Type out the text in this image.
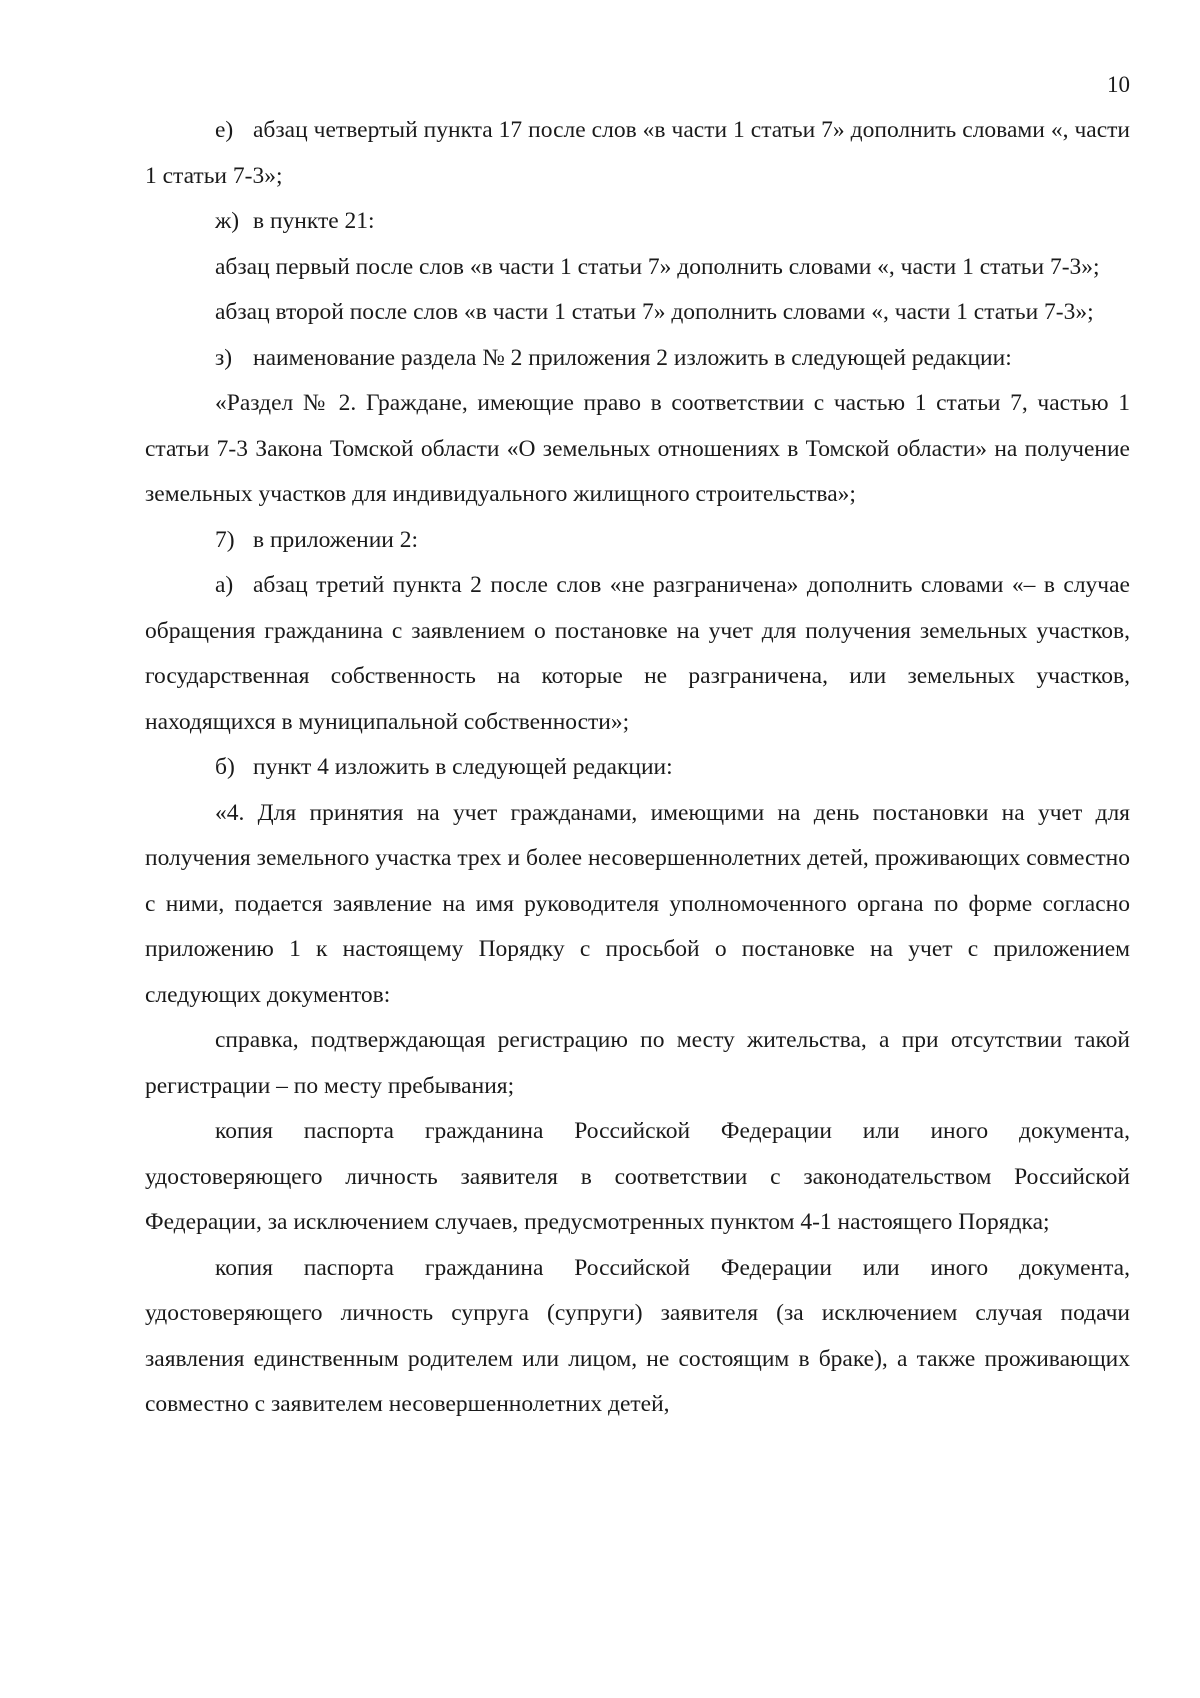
10

е) абзац четвертый пункта 17 после слов «в части 1 статьи 7» дополнить словами «, части 1 статьи 7-3»;

ж) в пункте 21:

абзац первый после слов «в части 1 статьи 7» дополнить словами «, части 1 статьи 7-3»;

абзац второй после слов «в части 1 статьи 7» дополнить словами «, части 1 статьи 7-3»;

з) наименование раздела № 2 приложения 2 изложить в следующей редакции:

«Раздел № 2. Граждане, имеющие право в соответствии с частью 1 статьи 7, частью 1 статьи 7-3 Закона Томской области «О земельных отношениях в Томской области» на получение земельных участков для индивидуального жилищного строительства»;

7) в приложении 2:

а) абзац третий пункта 2 после слов «не разграничена» дополнить словами «– в случае обращения гражданина с заявлением о постановке на учет для получения земельных участков, государственная собственность на которые не разграничена, или земельных участков, находящихся в муниципальной собственности»;

б) пункт 4 изложить в следующей редакции:

«4. Для принятия на учет гражданами, имеющими на день постановки на учет для получения земельного участка трех и более несовершеннолетних детей, проживающих совместно с ними, подается заявление на имя руководителя уполномоченного органа по форме согласно приложению 1 к настоящему Порядку с просьбой о постановке на учет с приложением следующих документов:

справка, подтверждающая регистрацию по месту жительства, а при отсутствии такой регистрации – по месту пребывания;

копия паспорта гражданина Российской Федерации или иного документа, удостоверяющего личность заявителя в соответствии с законодательством Российской Федерации, за исключением случаев, предусмотренных пунктом 4-1 настоящего Порядка;

копия паспорта гражданина Российской Федерации или иного документа, удостоверяющего личность супруга (супруги) заявителя (за исключением случая подачи заявления единственным родителем или лицом, не состоящим в браке), а также проживающих совместно с заявителем несовершеннолетних детей,
